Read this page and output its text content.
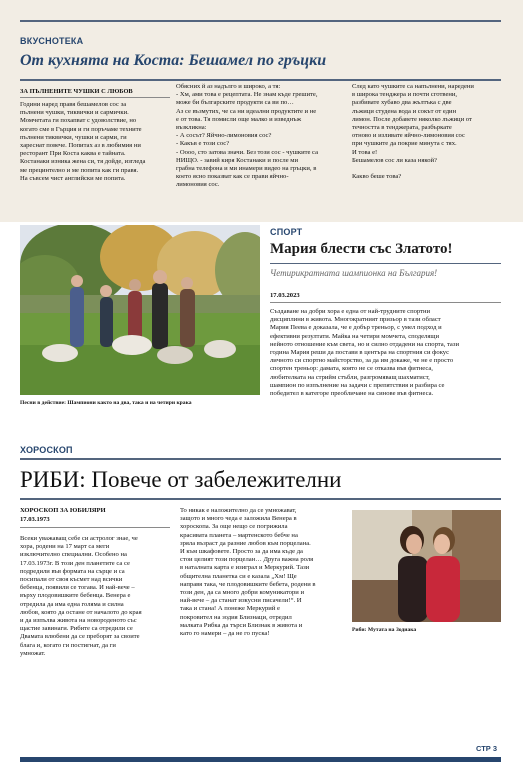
ВКУСНОТЕКА
От кухнята на Коста: Бешамел по гръцки
ЗА ПЪЛНЕНИТЕ ЧУШКИ С ЛЮБОВ
Години наред правя бешамелов сос за
пълнени чушки, тиквички и сармички.
Момчетата ги похапват с удоволствие, но
когато сме в Гърция и ги поръчаме техните
пълнени тиквички, чушки и сарми, ги
хареснат повече. Попитах аз в любимия ни
ресторант При Коста каква е тайната.
Костанаки изника жена си, тя дойде, изгледа
ме прецинтелно и ме попита как ги правя.
На съвсем чист английски ме попита.
Обясних й аз надълго и широко, а тя:
- Хм, ами това е рецептата. Не знам къде грешите,
може би българските продукти са ви по…
Аз се възмутих, че са ни идеални продуктите и не
е от това. Тя помисли още малко и изведнъж
възкликна:
- А сосът? Яйчно-лимоновия сос?
- Какъв е този сос?
- Оооо, сто затова значи. Без този сос - чушките са
НИЩО. - завий киря Костанаки и после ми
грабна телефона и ми инамери видео на гръцки, в
което ясно показват как се прави яйчно-
лимоновия сос.
След като чушките са напълнени, наредени
в широка тенджера и почти сготвени,
разбивате хубаво два жълтъка с две
лъжици студена вода и сокът от един
лимон. После добавете няколко лъжици от
течността в тенджерата, разбъркате
отново и изливате яйчно-лимоновия сос
при чушките да покрие минута с тях.
И това е!
Бешамелов сос ли каза някой?

Какво беше това?
Песни в действие: Шампиони както на два, така и на четири крака
СПОРТ
Мария блести със Златото!
Четирикратната шампионка на България!
17.03.2023
Създаване на добри хора е една от най-трудните спортни
дисциплини в живота. Многократният призьор в тази област
Мария Пеева е доказала, че е добър треньор, с умел подход и
ефективни резултати. Майка на четири момчета, споделящи
нейното отношение към света, но и силно отдадени на спорта, тази
година Мария реши да постави в центъра на спортния си фокус
личното си спортно майсторство, за да им докаже, че не е просто
спортен треньор: дамата, която не се отказва във фитнеса,
любителката на стрийм стъбли, разгромяващ шахматист,
шампион по изпълнение на задачи с препятствия и разбира се
победител в категоре преобличане на синове във фитнеса.
ХОРОСКОП
РИБИ: Повече от забележителни
ХОРОСКОП ЗА ЮБИЛЯРИ
17.03.1973
Всеки уважаващ себе си астролог знае, че
хора, родени на 17 март са меги
изключително специални. Особено на
17.03.1973г. В този ден планетите са се
подредили във формата на сърце и са
посипали от своя късмет над всички
бебенца, появили се тогава. И най-вече –
върху плодовишките бебенца. Венера е
отредила да има една голяма и силна
любов, която да остане от началото до края
и да изпълва живота на новороденото със
щастие завинаги. Рибите са отредили се
Двамата влюбени да се преборят за своите
блага и, когато ги постигнат, да ги
умножат.
То никак е наложително да се умножават,
защото и много чеда е заложила Венера в
хороскопа. За още нещо се погрижила
красивата планета – мартенското бебче на
зряла възраст да разние любов към порцелана.
И към шкафовете. Просто за да има къде да
стои целият този порцелан… Друга важна роля
в наталната карта е изиграл и Меркурий. Тази
общителна планетка си е казала „Хм! Ще
направя така, че плодовишките бебета, родени в
този ден, да са много добри комуникатори и
най-вече – да станат изкусни писачели!“. И
така и стана! А понеже Меркурий е
покровител на зодия Близнаци, отредил
малката Рибка да търси Близнак в живота и
като го намери – да не го пуска!
Риби: Мутата на Зодиака
СТР 3
